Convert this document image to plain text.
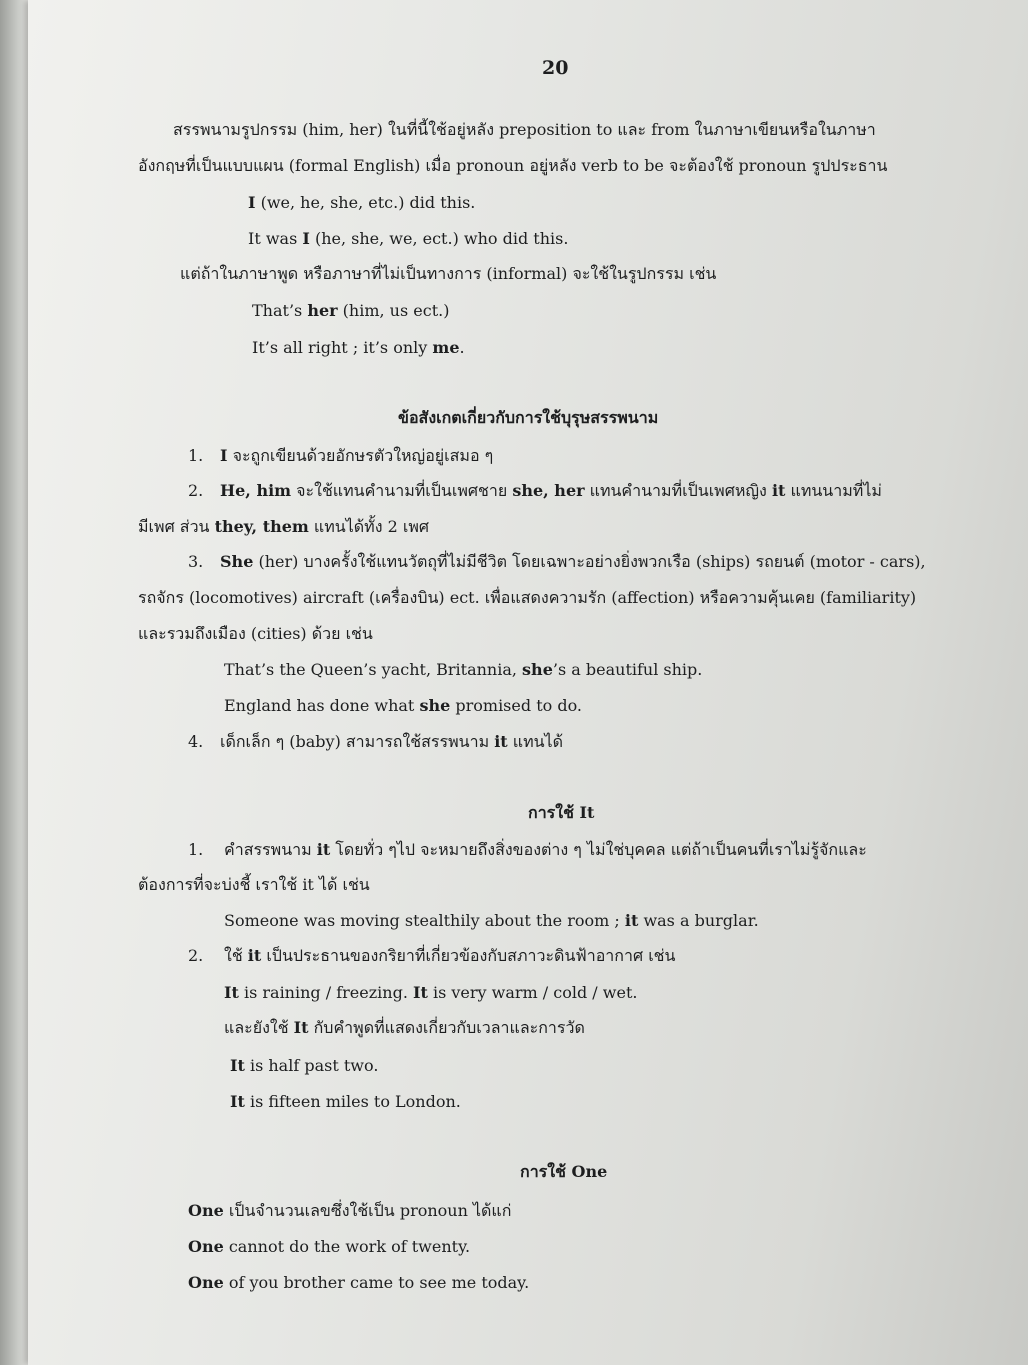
20
สรรพนามรูปกรรม (him, her) ในที่นี้ใช้อยู่หลัง preposition to และ from ในภาษาเขียนหรือในภาษา
อังกฤษที่เป็นแบบแผน (formal English) เมื่อ pronoun อยู่หลัง verb to be จะต้องใช้ pronoun รูปประธาน
I (we, he, she, etc.) did this.
It was I (he, she, we, ect.) who did this.
แต่ถ้าในภาษาพูด หรือภาษาที่ไม่เป็นทางการ (informal) จะใช้ในรูปกรรม เช่น
That’s her (him, us ect.)
It’s all right ; it’s only me.
ข้อสังเกตเกี่ยวกับการใช้บุรุษสรรพนาม
1. I จะถูกเขียนด้วยอักษรตัวใหญ่อยู่เสมอ ๆ
2. He, him จะใช้แทนคำนามที่เป็นเพศชาย she, her แทนคำนามที่เป็นเพศหญิง it แทนนามที่ไม่
มีเพศ ส่วน they, them แทนได้ทั้ง 2 เพศ
3. She (her) บางครั้งใช้แทนวัตถุที่ไม่มีชีวิต โดยเฉพาะอย่างยิ่งพวกเรือ (ships) รถยนต์ (motor - cars),
รถจักร (locomotives) aircraft (เครื่องบิน) ect. เพื่อแสดงความรัก (affection) หรือความคุ้นเคย (familiarity)
และรวมถึงเมือง (cities) ด้วย เช่น
That’s the Queen’s yacht, Britannia, she’s a beautiful ship.
England has done what she promised to do.
4. เด็กเล็ก ๆ (baby) สามารถใช้สรรพนาม it แทนได้
การใช้ It
1. คำสรรพนาม it โดยทั่ว ๆไป จะหมายถึงสิ่งของต่าง ๆ ไม่ใช่บุคคล แต่ถ้าเป็นคนที่เราไม่รู้จักและ
ต้องการที่จะบ่งชี้ เราใช้ it ได้ เช่น
Someone was moving stealthily about the room ; it was a burglar.
2. ใช้ it เป็นประธานของกริยาที่เกี่ยวข้องกับสภาวะดินฟ้าอากาศ เช่น
It is raining / freezing. It is very warm / cold / wet.
และยังใช้ It กับคำพูดที่แสดงเกี่ยวกับเวลาและการวัด
It is half past two.
It is fifteen miles to London.
การใช้ One
One เป็นจำนวนเลขซึ่งใช้เป็น pronoun ได้แก่
One cannot do the work of twenty.
One of you brother came to see me today.
